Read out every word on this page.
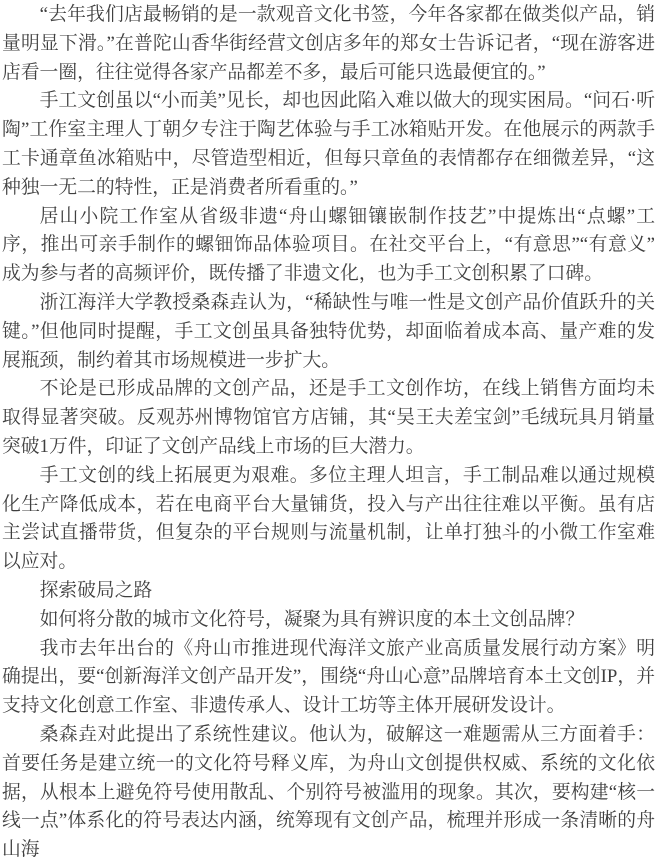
“去年我们店最畅销的是一款观音文化书签，今年各家都在做类似产品，销量明显下滑。”在普陀山香华街经营文创店多年的郑女士告诉记者，“现在游客进店看一圈，往往觉得各家产品都差不多，最后可能只选最便宜的。”

手工文创虽以“小而美”见长，却也因此陷入难以做大的现实困局。“问石·听陶”工作室主理人丁朝夕专注于陶艺体验与手工冰箱贴开发。在他展示的两款手工卡通章鱼冰箱贴中，尽管造型相近，但每只章鱼的表情都存在细微差异，“这种独一无二的特性，正是消费者所看重的。”

居山小院工作室从省级非遗“舟山螺钿镶嵌制作技艺”中提炼出“点螺”工序，推出可亲手制作的螺钿饰品体验项目。在社交平台上，“有意思”“有意义”成为参与者的高频评价，既传播了非遗文化，也为手工文创积累了口碑。

浙江海洋大学教授桑森垚认为，“稀缺性与唯一性是文创产品价值跃升的关键。”但他同时提醒，手工文创虽具备独特优势，却面临着成本高、量产难的发展瓶颈，制约着其市场规模进一步扩大。

不论是已形成品牌的文创产品，还是手工文创作坊，在线上销售方面均未取得显著突破。反观苏州博物馆官方店铺，其“吴王夫差宝剑”毛绒玩具月销量突破1万件，印证了文创产品线上市场的巨大潜力。

手工文创的线上拓展更为艰难。多位主理人坦言，手工制品难以通过规模化生产降低成本，若在电商平台大量铺货，投入与产出往往难以平衡。虽有店主尝试直播带货，但复杂的平台规则与流量机制，让单打独斗的小微工作室难以应对。

探索破局之路

如何将分散的城市文化符号，凝聚为具有辨识度的本土文创品牌？

我市去年出台的《舟山市推进现代海洋文旅产业高质量发展行动方案》明确提出，要“创新海洋文创产品开发”，围绕“舟山心意”品牌培育本土文创IP，并支持文化创意工作室、非遗传承人、设计工坊等主体开展研发设计。

桑森垚对此提出了系统性建议。他认为，破解这一难题需从三方面着手：首要任务是建立统一的文化符号释义库，为舟山文创提供权威、系统的文化依据，从根本上避免符号使用散乱、个别符号被滥用的现象。其次，要构建“核一线一点”体系化的符号表达内涵，统筹现有文创产品，梳理并形成一条清晰的舟山海
